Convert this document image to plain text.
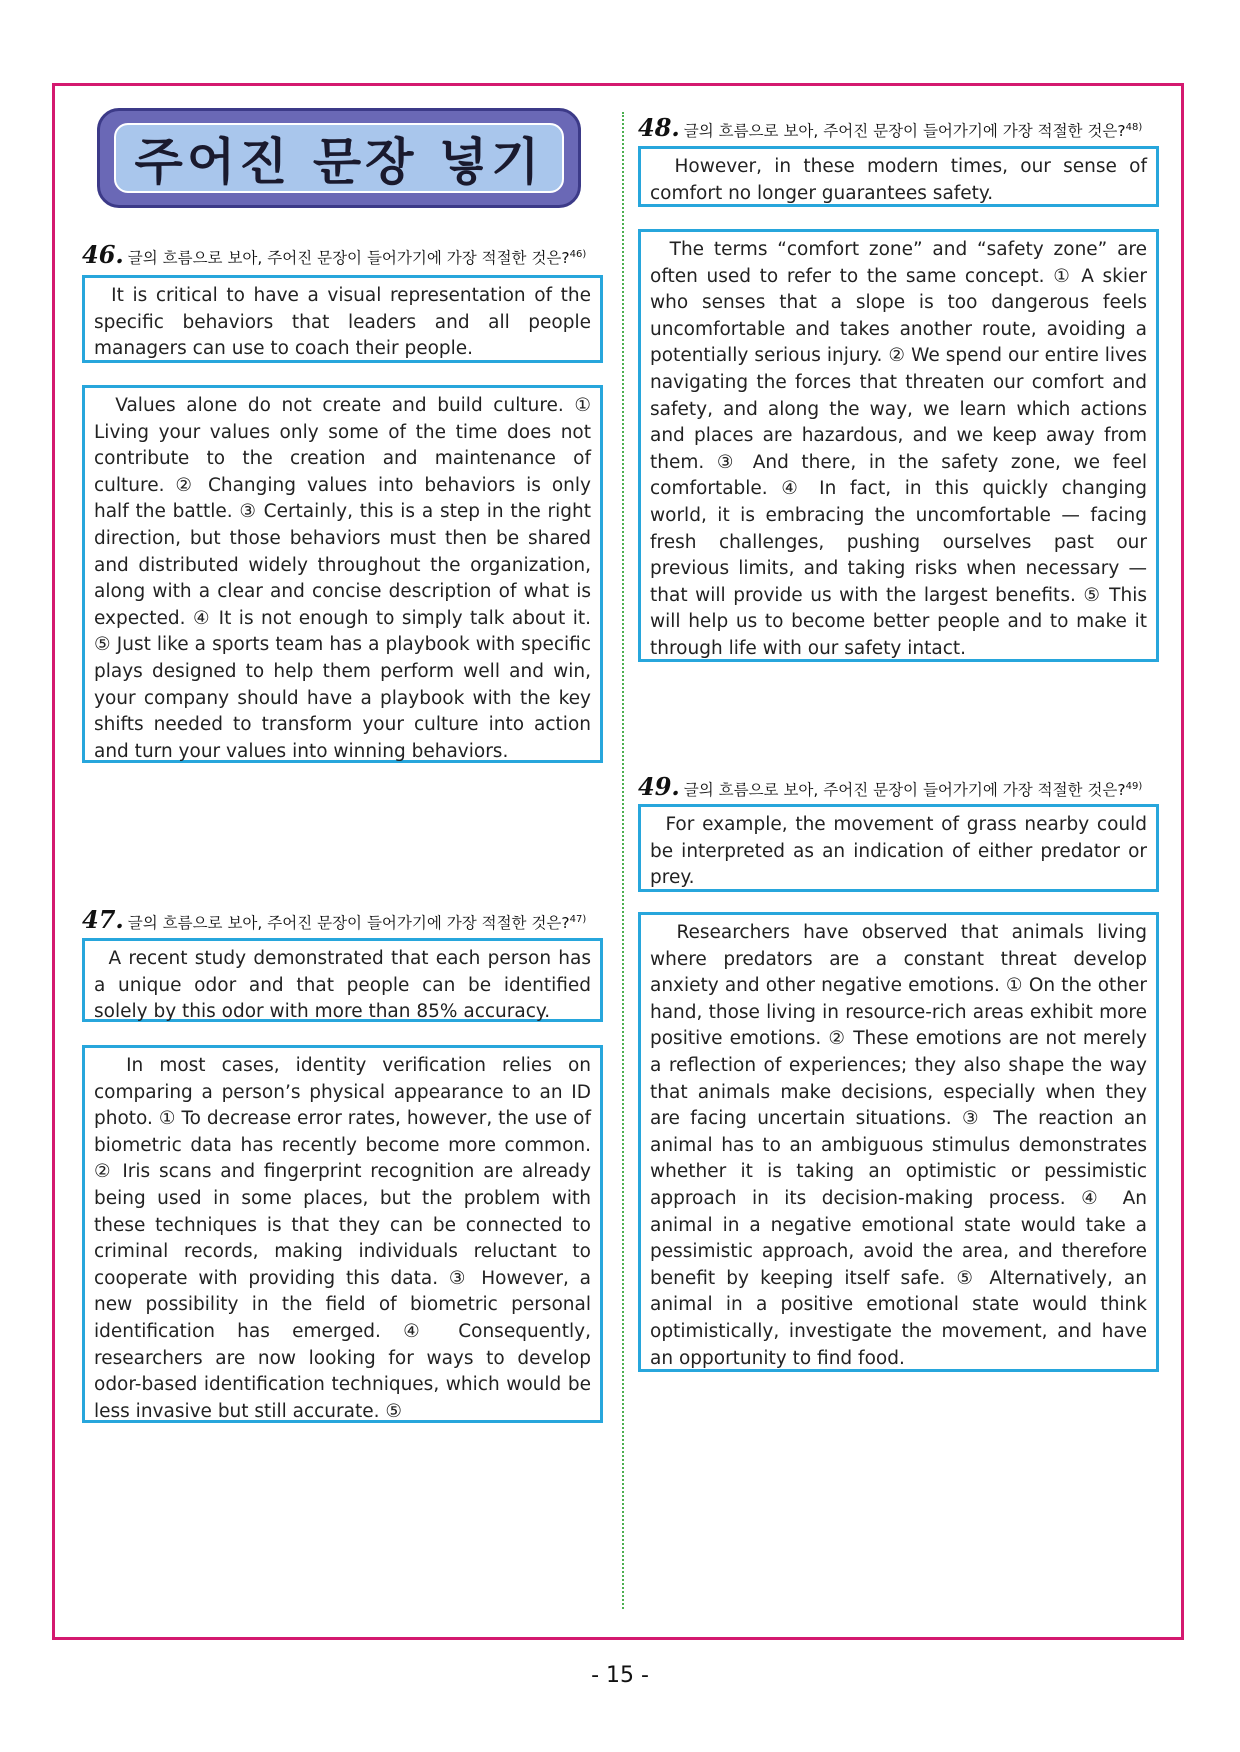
주어진 문장 넣기
46. 글의 흐름으로 보아, 주어진 문장이 들어가기에 가장 적절한 것은?$^{46)}$
It is critical to have a visual representation of the specific behaviors that leaders and all people managers can use to coach their people.
Values alone do not create and build culture. ① Living your values only some of the time does not contribute to the creation and maintenance of culture. ② Changing values into behaviors is only half the battle. ③ Certainly, this is a step in the right direction, but those behaviors must then be shared and distributed widely throughout the organization, along with a clear and concise description of what is expected. ④ It is not enough to simply talk about it. ⑤ Just like a sports team has a playbook with specific plays designed to help them perform well and win, your company should have a playbook with the key shifts needed to transform your culture into action and turn your values into winning behaviors.
47. 글의 흐름으로 보아, 주어진 문장이 들어가기에 가장 적절한 것은?$^{47)}$
A recent study demonstrated that each person has a unique odor and that people can be identified solely by this odor with more than 85% accuracy.
In most cases, identity verification relies on comparing a person’s physical appearance to an ID photo. ① To decrease error rates, however, the use of biometric data has recently become more common. ② Iris scans and fingerprint recognition are already being used in some places, but the problem with these techniques is that they can be connected to criminal records, making individuals reluctant to cooperate with providing this data. ③ However, a new possibility in the field of biometric personal identification has emerged. ④ Consequently, researchers are now looking for ways to develop odor-based identification techniques, which would be less invasive but still accurate. ⑤
48. 글의 흐름으로 보아, 주어진 문장이 들어가기에 가장 적절한 것은?$^{48)}$
However, in these modern times, our sense of comfort no longer guarantees safety.
The terms “comfort zone” and “safety zone” are often used to refer to the same concept. ① A skier who senses that a slope is too dangerous feels uncomfortable and takes another route, avoiding a potentially serious injury. ② We spend our entire lives navigating the forces that threaten our comfort and safety, and along the way, we learn which actions and places are hazardous, and we keep away from them. ③ And there, in the safety zone, we feel comfortable. ④ In fact, in this quickly changing world, it is embracing the uncomfortable — facing fresh challenges, pushing ourselves past our previous limits, and taking risks when necessary — that will provide us with the largest benefits. ⑤ This will help us to become better people and to make it through life with our safety intact.
49. 글의 흐름으로 보아, 주어진 문장이 들어가기에 가장 적절한 것은?$^{49)}$
For example, the movement of grass nearby could be interpreted as an indication of either predator or prey.
Researchers have observed that animals living where predators are a constant threat develop anxiety and other negative emotions. ① On the other hand, those living in resource-rich areas exhibit more positive emotions. ② These emotions are not merely a reflection of experiences; they also shape the way that animals make decisions, especially when they are facing uncertain situations. ③ The reaction an animal has to an ambiguous stimulus demonstrates whether it is taking an optimistic or pessimistic approach in its decision-making process. ④ An animal in a negative emotional state would take a pessimistic approach, avoid the area, and therefore benefit by keeping itself safe. ⑤ Alternatively, an animal in a positive emotional state would think optimistically, investigate the movement, and have an opportunity to find food.
- 15 -
